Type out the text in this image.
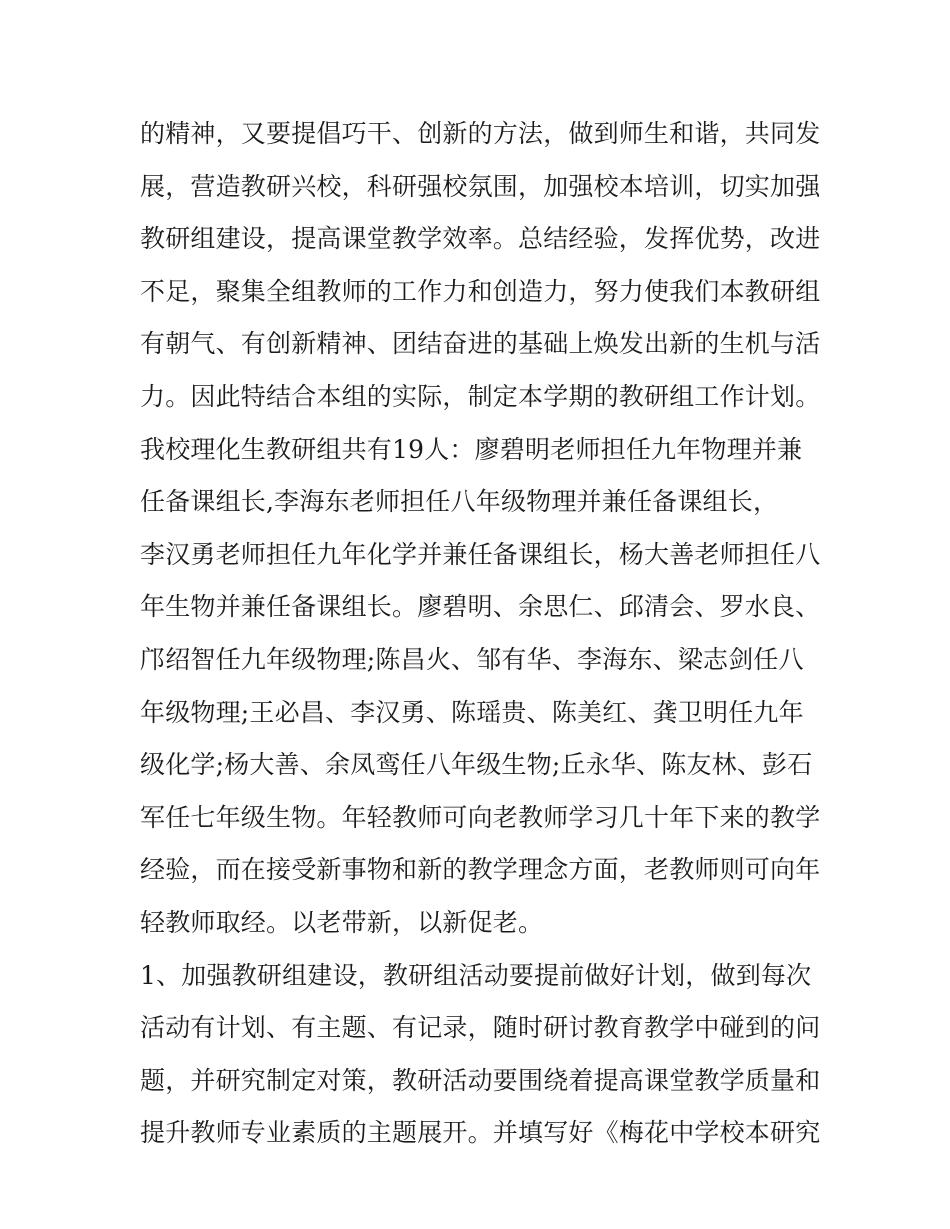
的精神，又要提倡巧干、创新的方法，做到师生和谐，共同发
展，营造教研兴校，科研强校氛围，加强校本培训，切实加强
教研组建设，提高课堂教学效率。总结经验，发挥优势，改进
不足，聚集全组教师的工作力和创造力，努力使我们本教研组
有朝气、有创新精神、团结奋进的基础上焕发出新的生机与活
力。因此特结合本组的实际，制定本学期的教研组工作计划。
我校理化生教研组共有19人：廖碧明老师担任九年物理并兼
任备课组长,李海东老师担任八年级物理并兼任备课组长，
李汉勇老师担任九年化学并兼任备课组长，杨大善老师担任八
年生物并兼任备课组长。廖碧明、余思仁、邱清会、罗水良、
邝绍智任九年级物理;陈昌火、邹有华、李海东、梁志剑任八
年级物理;王必昌、李汉勇、陈瑶贵、陈美红、龚卫明任九年
级化学;杨大善、余凤鸾任八年级生物;丘永华、陈友林、彭石
军任七年级生物。年轻教师可向老教师学习几十年下来的教学
经验，而在接受新事物和新的教学理念方面，老教师则可向年
轻教师取经。以老带新，以新促老。
1、加强教研组建设，教研组活动要提前做好计划，做到每次
活动有计划、有主题、有记录，随时研讨教育教学中碰到的问
题，并研究制定对策，教研活动要围绕着提高课堂教学质量和
提升教师专业素质的主题展开。并填写好《梅花中学校本研究
